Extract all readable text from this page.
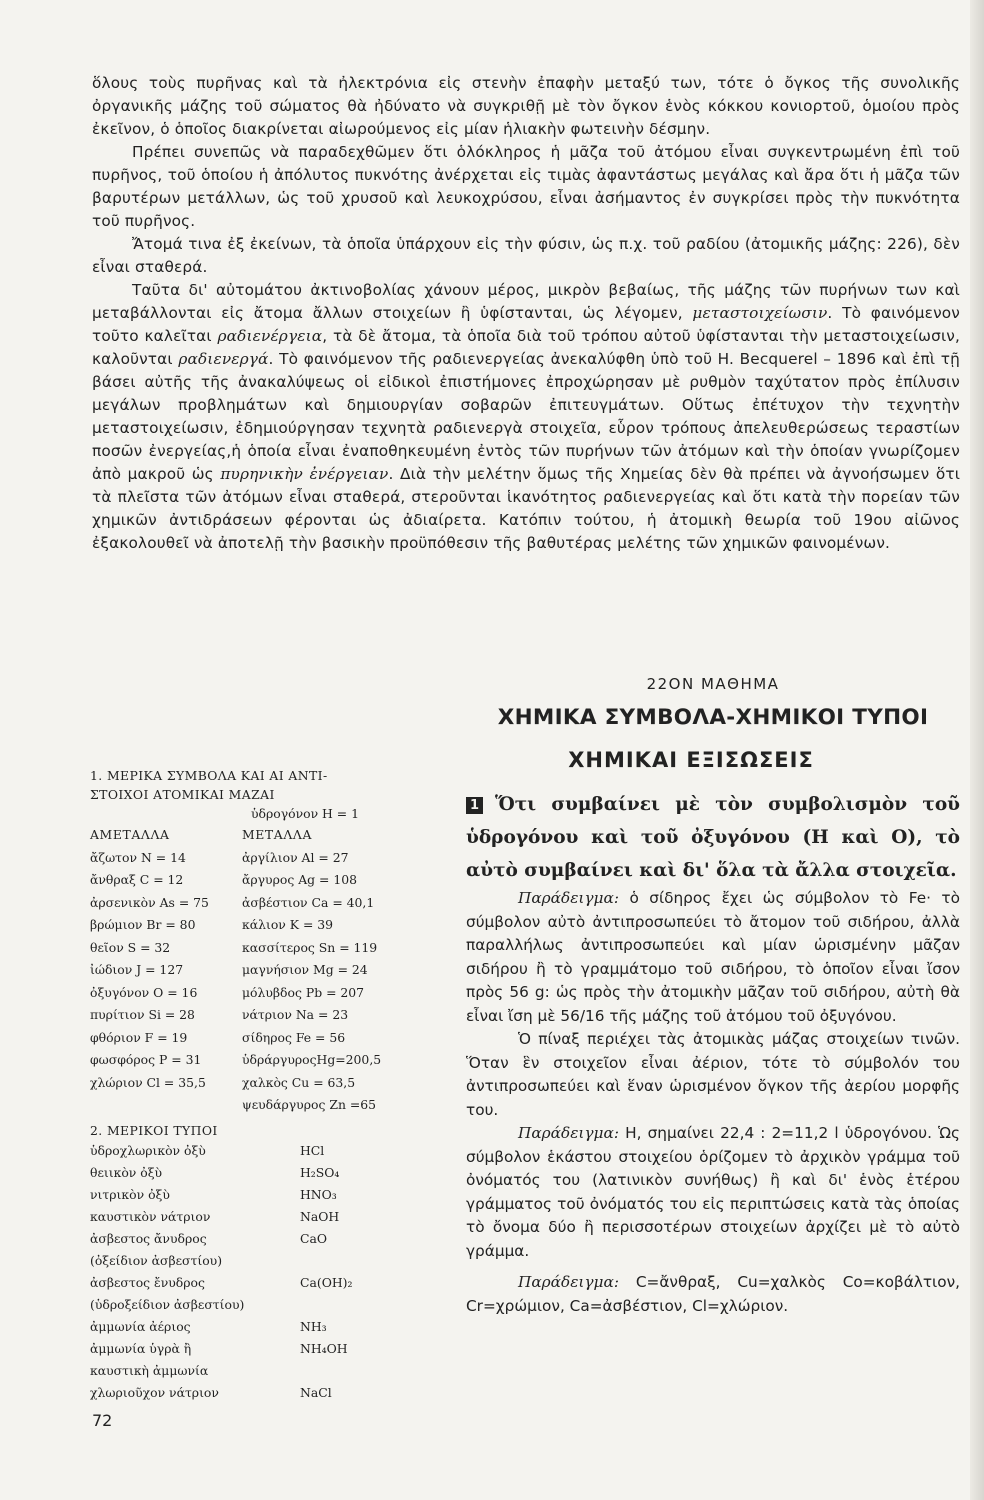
ὅλους τοὺς πυρῆνας καὶ τὰ ἠλεκτρόνια εἰς στενὴν ἐπαφὴν μεταξύ των, τότε ὁ ὄγκος τῆς συνολικῆς ὀργανικῆς μάζης τοῦ σώματος θὰ ἠδύνατο νὰ συγκριθῇ μὲ τὸν ὄγκον ἑνὸς κόκκου κονιορτοῦ, ὁμοίου πρὸς ἐκεῖνον, ὁ ὁποῖος διακρίνεται αἰωρούμενος εἰς μίαν ἡλιακὴν φωτεινὴν δέσμην.

Πρέπει συνεπῶς νὰ παραδεχθῶμεν ὅτι ὁλόκληρος ἡ μᾶζα τοῦ ἀτόμου εἶναι συγκεντρωμένη ἐπὶ τοῦ πυρῆνος, τοῦ ὁποίου ἡ ἀπόλυτος πυκνότης ἀνέρχεται εἰς τιμὰς ἀφαντάστως μεγάλας καὶ ἄρα ὅτι ἡ μᾶζα τῶν βαρυτέρων μετάλλων, ὡς τοῦ χρυσοῦ καὶ λευκοχρύσου, εἶναι ἀσήμαντος ἐν συγκρίσει πρὸς τὴν πυκνότητα τοῦ πυρῆνος.

Ἄτομά τινα ἐξ ἐκείνων, τὰ ὁποῖα ὑπάρχουν εἰς τὴν φύσιν, ὡς π.χ. τοῦ ραδίου (ἀτομικῆς μάζης: 226), δὲν εἶναι σταθερά.

Ταῦτα δι' αὐτομάτου ἀκτινοβολίας χάνουν μέρος, μικρὸν βεβαίως, τῆς μάζης τῶν πυρήνων των καὶ μεταβάλλονται εἰς ἄτομα ἄλλων στοιχείων ἢ ὑφίστανται, ὡς λέγομεν, μεταστοιχείωσιν. Τὸ φαινόμενον τοῦτο καλεῖται ραδιενέργεια, τὰ δὲ ἄτομα, τὰ ὁποῖα διὰ τοῦ τρόπου αὐτοῦ ὑφίστανται τὴν μεταστοιχείωσιν, καλοῦνται ραδιενεργά. Τὸ φαινόμενον τῆς ραδιενεργείας ἀνεκαλύφθη ὑπὸ τοῦ H. Becquerel – 1896 καὶ ἐπὶ τῇ βάσει αὐτῆς τῆς ἀνακαλύψεως οἱ εἰδικοὶ ἐπιστήμονες ἐπροχώρησαν μὲ ρυθμὸν ταχύτατον πρὸς ἐπίλυσιν μεγάλων προβλημάτων καὶ δημιουργίαν σοβαρῶν ἐπιτευγμάτων. Οὕτως ἐπέτυχον τὴν τεχνητὴν μεταστοιχείωσιν, ἐδημιούργησαν τεχνητὰ ραδιενεργὰ στοιχεῖα, εὗρον τρόπους ἀπελευθερώσεως τεραστίων ποσῶν ἐνεργείας,ἡ ὁποία εἶναι ἐναποθηκευμένη ἐντὸς τῶν πυρήνων τῶν ἀτόμων καὶ τὴν ὁποίαν γνωρίζομεν ἀπὸ μακροῦ ὡς πυρηνικὴν ἐνέργειαν. Διὰ τὴν μελέτην ὅμως τῆς Χημείας δὲν θὰ πρέπει νὰ ἀγνοήσωμεν ὅτι τὰ πλεῖστα τῶν ἀτόμων εἶναι σταθερά, στεροῦνται ἱκανότητος ραδιενεργείας καὶ ὅτι κατὰ τὴν πορείαν τῶν χημικῶν ἀντιδράσεων φέρονται ὡς ἀδιαίρετα. Κατόπιν τούτου, ἡ ἀτομικὴ θεωρία τοῦ 19ου αἰῶνος ἐξακολουθεῖ νὰ ἀποτελῇ τὴν βασικὴν προϋπόθεσιν τῆς βαθυτέρας μελέτης τῶν χημικῶν φαινομένων.

22ΟΝ ΜΑΘΗΜΑ
ΧΗΜΙΚΑ ΣΥΜΒΟΛΑ-ΧΗΜΙΚΟΙ ΤΥΠΟΙ
ΧΗΜΙΚΑΙ ΕΞΙΣΩΣΕΙΣ
1. ΜΕΡΙΚΑ ΣΥΜΒΟΛΑ ΚΑΙ ΑΙ ΑΝΤΙ-
ΣΤΟΙΧΟΙ ΑΤΟΜΙΚΑΙ ΜΑΖΑΙ
ὑδρογόνον H = 1
ΑΜΕΤΑΛΛΑ
ἄζωτον N = 14
ἄνθραξ C = 12
ἀρσενικὸν As = 75
βρώμιον Br = 80
θεῖον S = 32
ἰώδιον J = 127
ὀξυγόνον O = 16
πυρίτιον Si = 28
φθόριον F = 19
φωσφόρος P = 31
χλώριον Cl = 35,5
ΜΕΤΑΛΛΑ
ἀργίλιον Al = 27
ἄργυρος Ag = 108
ἀσβέστιον Ca = 40,1
κάλιον K = 39
κασσίτερος Sn = 119
μαγνήσιον Mg = 24
μόλυβδος Pb = 207
νάτριον Na = 23
σίδηρος Fe = 56
ὑδράργυροςHg=200,5
χαλκὸς Cu = 63,5
ψευδάργυρος Zn =65
2. ΜΕΡΙΚΟΙ ΤΥΠΟΙ
ὑδροχλωρικὸν ὀξὺ
θειικὸν ὀξὺ
νιτρικὸν ὀξὺ
καυστικὸν νάτριον
ἀσβεστος ἄνυδρος
(ὀξείδιον ἀσβεστίου)
ἀσβεστος ἔνυδρος
(ὑδροξείδιον ἀσβεστίου)
ἀμμωνία ἀέριος
ἀμμωνία ὑγρὰ ἢ
καυστικὴ ἀμμωνία
χλωριοῦχον νάτριον
HCl
H₂SO₄
HNO₃
NaOH
CaO
Ca(OH)₂
NH₃
NH₄OH
NaCl

1 Ὅτι συμβαίνει μὲ τὸν συμβολισμὸν τοῦ ὑδρογόνου καὶ τοῦ ὀξυγόνου (H καὶ O), τὸ αὐτὸ συμβαίνει καὶ δι' ὅλα τὰ ἄλλα στοιχεῖα.

Παράδειγμα: ὁ σίδηρος ἔχει ὡς σύμβολον τὸ Fe· τὸ σύμβολον αὐτὸ ἀντιπροσωπεύει τὸ ἄτομον τοῦ σιδήρου, ἀλλὰ παραλλήλως ἀντιπροσωπεύει καὶ μίαν ὡρισμένην μᾶζαν σιδήρου ἢ τὸ γραμμάτομο τοῦ σιδήρου, τὸ ὁποῖον εἶναι ἴσον πρὸς 56 g: ὡς πρὸς τὴν ἀτομικὴν μᾶζαν τοῦ σιδήρου, αὐτὴ θὰ εἶναι ἴση μὲ 56/16 τῆς μάζης τοῦ ἀτόμου τοῦ ὀξυγόνου.

Ὁ πίναξ περιέχει τὰς ἀτομικὰς μάζας στοιχείων τινῶν. Ὅταν ἓν στοιχεῖον εἶναι ἀέριον, τότε τὸ σύμβολόν του ἀντιπροσωπεύει καὶ ἕναν ὡρισμένον ὄγκον τῆς ἀερίου μορφῆς του.

Παράδειγμα: H, σημαίνει 22,4 : 2=11,2 l ὑδρογόνου. Ὡς σύμβολον ἑκάστου στοιχείου ὁρίζομεν τὸ ἀρχικὸν γράμμα τοῦ ὀνόματός του (λατινικὸν συνήθως) ἢ καὶ δι' ἑνὸς ἑτέρου γράμματος τοῦ ὀνόματός του εἰς περιπτώσεις κατὰ τὰς ὁποίας τὸ ὄνομα δύο ἢ περισσοτέρων στοιχείων ἀρχίζει μὲ τὸ αὐτὸ γράμμα.

Παράδειγμα: C=ἄνθραξ, Cu=χαλκὸς Co=κοβάλτιον, Cr=χρώμιον, Ca=ἀσβέστιον, Cl=χλώριον.

72
